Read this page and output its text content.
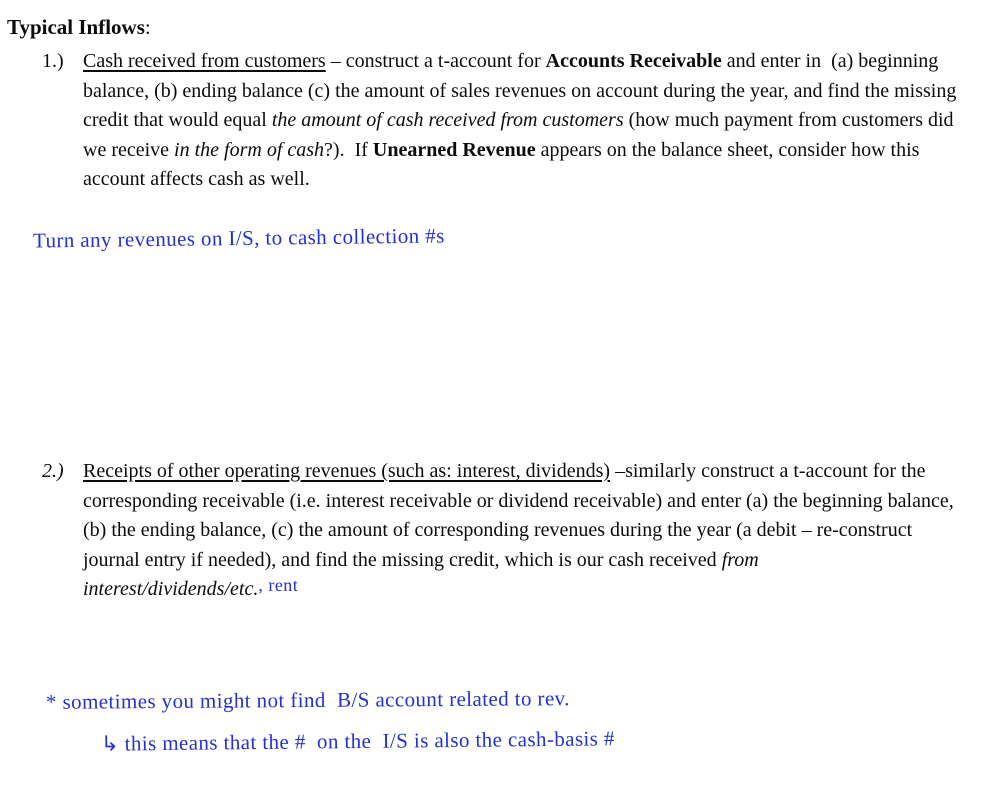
Typical Inflows:
1.) Cash received from customers – construct a t-account for Accounts Receivable and enter in  (a) beginning balance, (b) ending balance (c) the amount of sales revenues on account during the year, and find the missing credit that would equal the amount of cash received from customers (how much payment from customers did we receive in the form of cash?).  If Unearned Revenue appears on the balance sheet, consider how this account affects cash as well.
Turn any revenues on I/S, to cash collection #s
2.) Receipts of other operating revenues (such as: interest, dividends) –similarly construct a t-account for the corresponding receivable (i.e. interest receivable or dividend receivable) and enter (a) the beginning balance, (b) the ending balance, (c) the amount of corresponding revenues during the year (a debit – re-construct journal entry if needed), and find the missing credit, which is our cash received from interest/dividends/etc., rent
* sometimes you might not find  B/S account related to rev.
↳ this means that the #  on the  I/S is also the cash-basis #
